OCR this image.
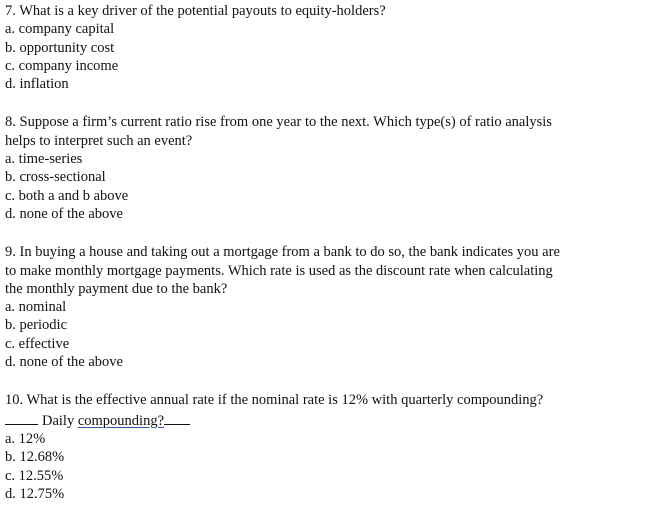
7. What is a key driver of the potential payouts to equity-holders?
a. company capital
b. opportunity cost
c. company income
d. inflation
8. Suppose a firm’s current ratio rise from one year to the next. Which type(s) of ratio analysis
helps to interpret such an event?
a. time-series
b. cross-sectional
c. both a and b above
d. none of the above
9. In buying a house and taking out a mortgage from a bank to do so, the bank indicates you are
to make monthly mortgage payments. Which rate is used as the discount rate when calculating
the monthly payment due to the bank?
a. nominal
b. periodic
c. effective
d. none of the above
10. What is the effective annual rate if the nominal rate is 12% with quarterly compounding?
Daily compounding?
a. 12%
b. 12.68%
c. 12.55%
d. 12.75%
